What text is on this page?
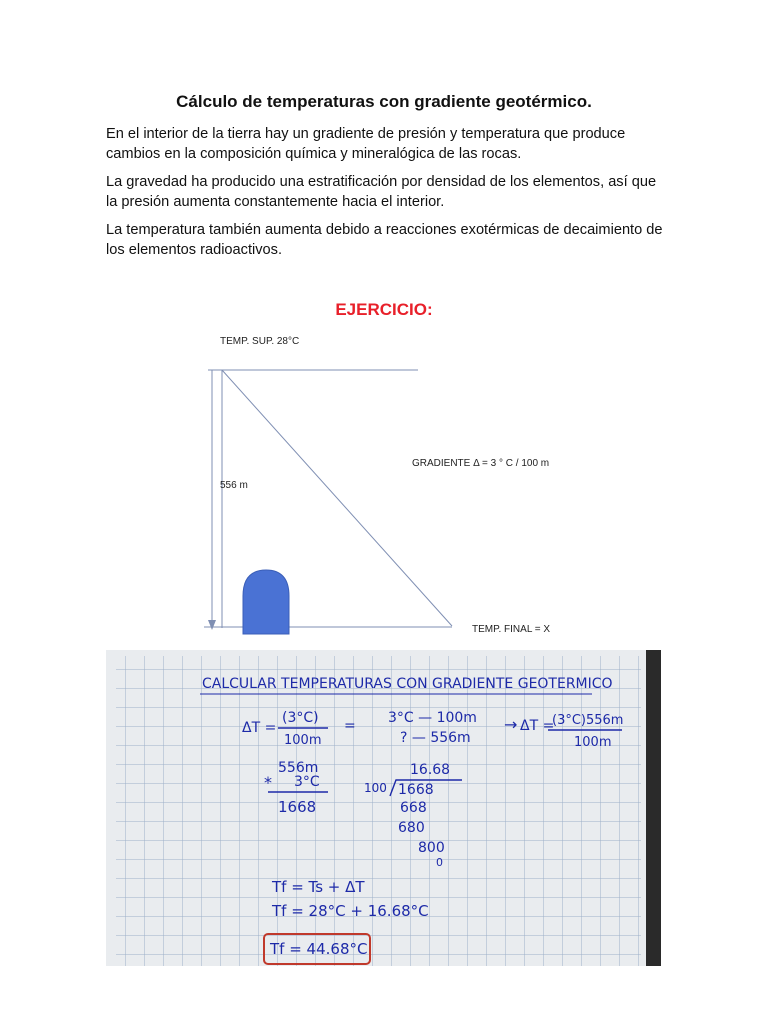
Cálculo de temperaturas con gradiente geotérmico.

En el interior de la tierra hay un gradiente de presión y temperatura que produce cambios en la composición química y mineralógica de las rocas.

La gravedad ha producido una estratificación por densidad de los elementos, así que la presión aumenta constantemente hacia el interior.

La temperatura también aumenta debido a reacciones exotérmicas de decaimiento de los elementos radioactivos.

EJERCICIO:
TEMP. SUP. 28°C
556 m
GRADIENTE Δ = 3 ° C / 100 m
TEMP. FINAL = X
CALCULAR TEMPERATURAS CON GRADIENTE GEOTERMICO
ΔT =
(3°C)
100m
= 3°C — 100m
? — 556m
→ ΔT =
(3°C)556m
100m
556m
* 3°C
1668
16.68
100 1668
668
680
800
0
Tf = Ts + ΔT
Tf = 28°C + 16.68°C
Tf = 44.68°C
